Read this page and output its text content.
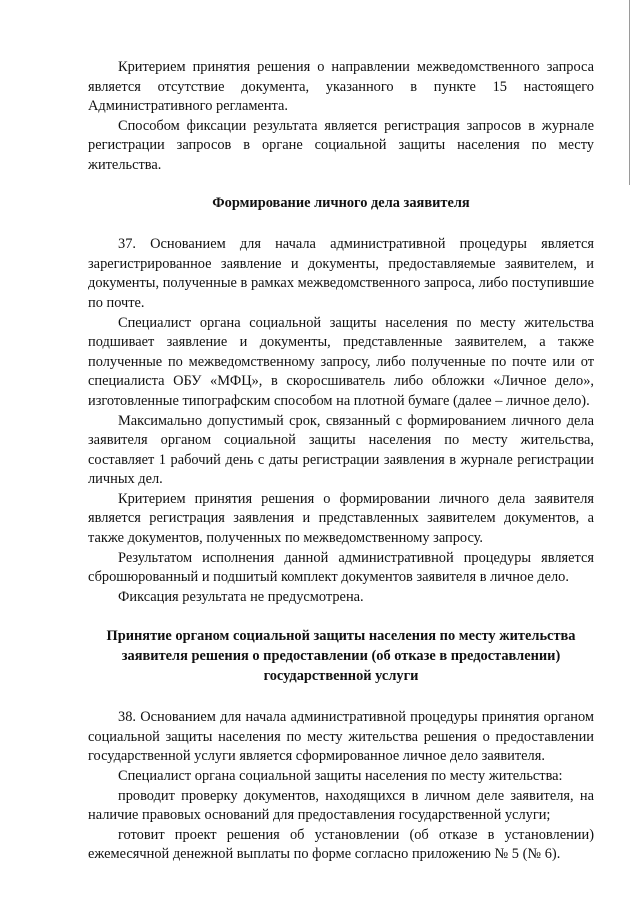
Критерием принятия решения о направлении межведомственного запроса является отсутствие документа, указанного в пункте 15 настоящего Административного регламента.

Способом фиксации результата является регистрация запросов в журнале регистрации запросов в органе социальной защиты населения по месту жительства.

Формирование личного дела заявителя

37. Основанием для начала административной процедуры является зарегистрированное заявление и документы, предоставляемые заявителем, и документы, полученные в рамках межведомственного запроса, либо поступившие по почте.

Специалист органа социальной защиты населения по месту жительства подшивает заявление и документы, представленные заявителем, а также полученные по межведомственному запросу, либо полученные по почте или от специалиста ОБУ «МФЦ», в скоросшиватель либо обложки «Личное дело», изготовленные типографским способом на плотной бумаге (далее – личное дело).

Максимально допустимый срок, связанный с формированием личного дела заявителя органом социальной защиты населения по месту жительства, составляет 1 рабочий день с даты регистрации заявления в журнале регистрации личных дел.

Критерием принятия решения о формировании личного дела заявителя является регистрация заявления и представленных заявителем документов, а также документов, полученных по межведомственному запросу.

Результатом исполнения данной административной процедуры является сброшюрованный и подшитый комплект документов заявителя в личное дело.

Фиксация результата не предусмотрена.

Принятие органом социальной защиты населения по месту жительства заявителя решения о предоставлении (об отказе в предоставлении) государственной услуги

38. Основанием для начала административной процедуры принятия органом социальной защиты населения по месту жительства решения о предоставлении государственной услуги является сформированное личное дело заявителя.

Специалист органа социальной защиты населения по месту жительства:

проводит проверку документов, находящихся в личном деле заявителя, на наличие правовых оснований для предоставления государственной услуги;

готовит проект решения об установлении (об отказе в установлении) ежемесячной денежной выплаты по форме согласно приложению № 5 (№ 6).
